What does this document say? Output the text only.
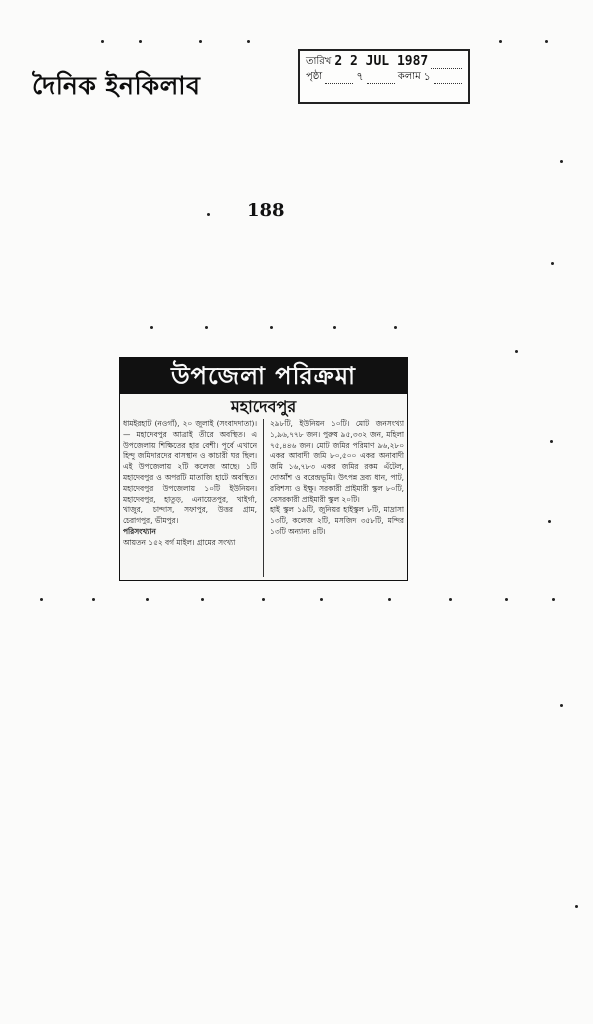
দৈনিক ইনকিলাব
তারিখ 2 2 JUL 1987
পৃষ্ঠা	৭	কলাম ১
188
উপজেলা পরিক্রমা
মহাদেবপুর

ধামইরহাট (নওগাঁ), ২০ জুলাই (সংবাদদাতা)।— মহাদেবপুর আত্রাই তীরে অবস্থিত। এ উপজেলায় শিক্ষিতের হার বেশী। পূর্বে এখানে হিন্দু জমিদারদের বাসস্থান ও কাচারী ঘর ছিল। এই উপজেলায় ২টি কলেজ আছে। ১টি মহাদেবপুর ও অপরটি মাতাজি হাটে অবস্থিত। মহাদেবপুর উপজেলায় ১০টি ইউনিয়ন। মহাদেবপুর, হাতুড়, এনায়েতপুর, খাইর্গা, খাজুর, চান্দাস, সফাপুর, উত্তর গ্রাম, চেরাগপুর, ভীমপুর।

পরিসংখ্যান

আয়তন ১৫২ বর্গ মাইল। গ্রামের সংখ্যা

২৯৮টি, ইউনিয়ন ১০টি। মোট জনসংখ্যা ১,৯৬,৭৭৮ জন। পুরুষ ৯৫,৩৩২ জন, মহিলা ৭৫,৪৪৬ জন। মোট জমির পরিমাণ ৯৬,২৮০ একর আবাদী জমি ৮০,৫০০ একর অনাবাদী জমি ১৬,৭৮৩ একর জমির রকম এঁটেল, দোআঁশ ও বরেন্দ্রভূমি। উৎপন্ন দ্রব্য ধান, পাট, রবিশস্য ও ইক্ষু। সরকারী প্রাইমারী স্কুল ৮০টি, বেসরকারী প্রাইমারী স্কুল ২০টি।

হাই স্কুল ১৯টি, জুনিয়র হাইস্কুল ৮টি, মাদ্রাসা ১৩টি, কলেজ ২টি, মসজিদ ৩৫৮টি, মন্দির ১৩টি অন্যান্য ৪টি।
